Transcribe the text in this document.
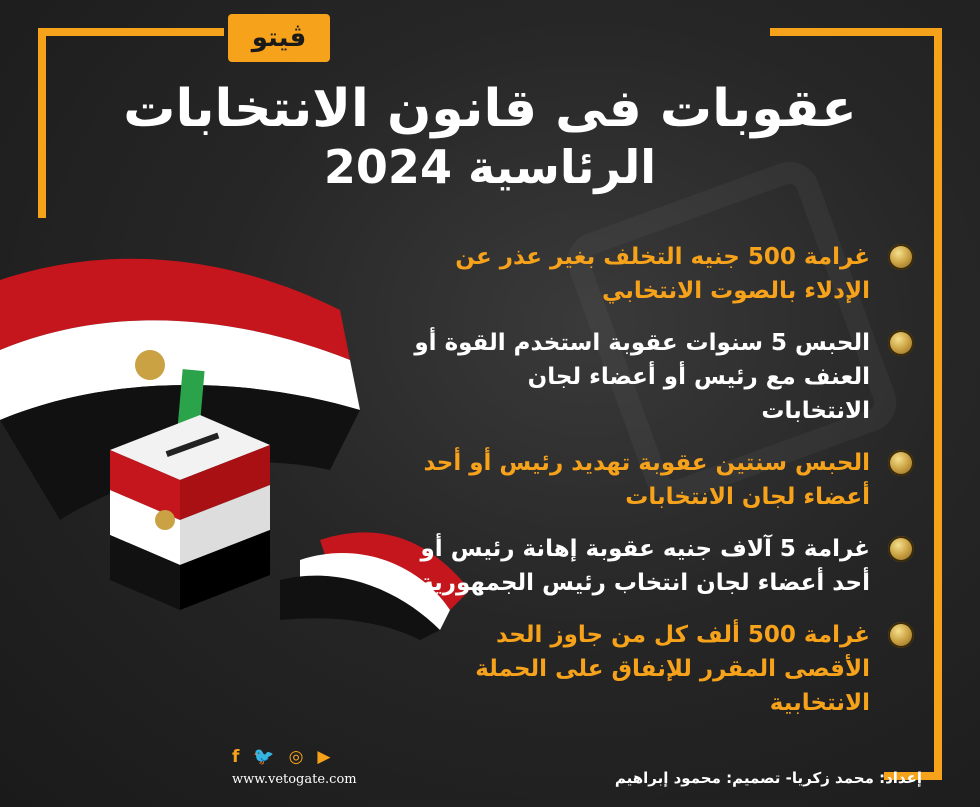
ڤيتو
عقوبات فى قانون الانتخابات
الرئاسية 2024
غرامة 500 جنيه التخلف بغير عذر عن الإدلاء بالصوت الانتخابي
الحبس 5 سنوات عقوبة استخدم القوة أو العنف مع رئيس أو أعضاء لجان الانتخابات
الحبس سنتين عقوبة تهديد رئيس أو أحد أعضاء لجان الانتخابات
غرامة 5 آلاف جنيه عقوبة إهانة رئيس أو أحد أعضاء لجان انتخاب رئيس الجمهورية
غرامة 500 ألف كل من جاوز الحد الأقصى المقرر للإنفاق على الحملة الانتخابية
f 🐦 ◎ ▶
www.vetogate.com	إعداد: محمد زكريا- تصميم: محمود إبراهيم
